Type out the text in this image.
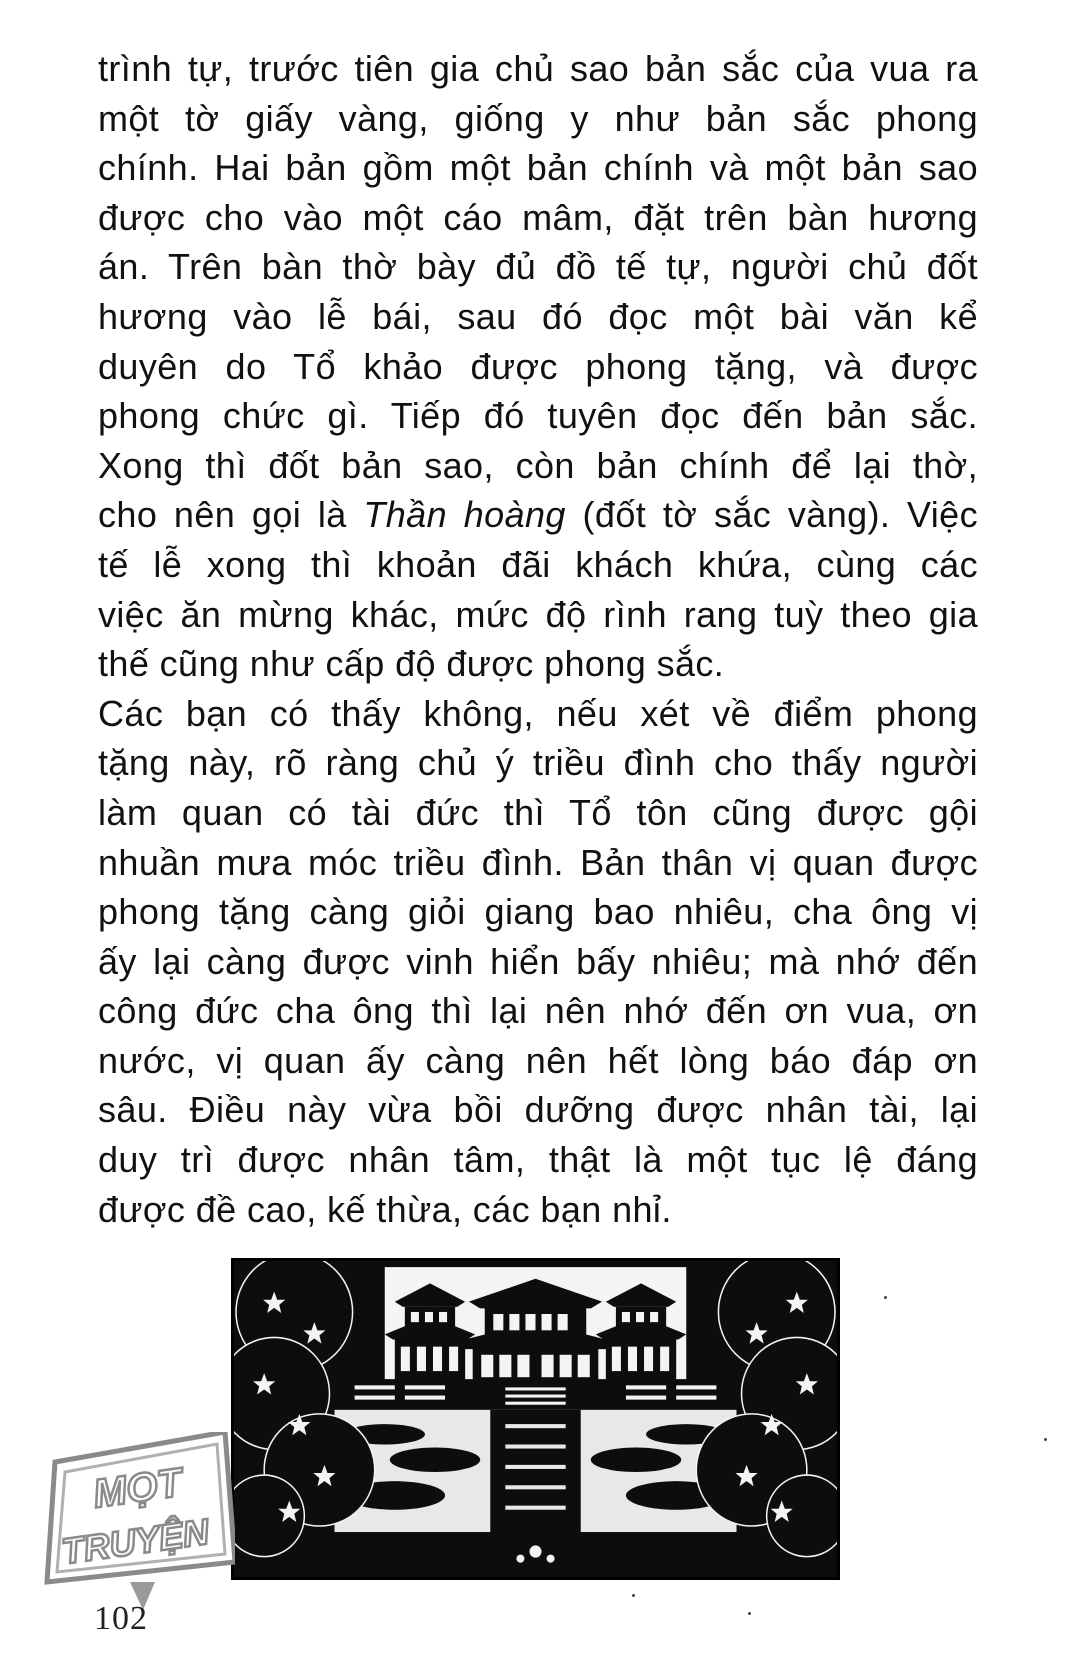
trình tự, trước tiên gia chủ sao bản sắc của vua ra
một tờ giấy vàng, giống y như bản sắc phong
chính. Hai bản gồm một bản chính và một bản sao
được cho vào một cáo mâm, đặt trên bàn hương
án. Trên bàn thờ bày đủ đồ tế tự, người chủ đốt
hương vào lễ bái, sau đó đọc một bài văn kể
duyên do Tổ khảo được phong tặng, và được
phong chức gì. Tiếp đó tuyên đọc đến bản sắc.
Xong thì đốt bản sao, còn bản chính để lại thờ,
cho nên gọi là Thần hoàng (đốt tờ sắc vàng). Việc
tế lễ xong thì khoản đãi khách khứa, cùng các
việc ăn mừng khác, mức độ rình rang tuỳ theo gia
thế cũng như cấp độ được phong sắc.
Các bạn có thấy không, nếu xét về điểm phong
tặng này, rõ ràng chủ ý triều đình cho thấy người
làm quan có tài đức thì Tổ tôn cũng được gội
nhuần mưa móc triều đình. Bản thân vị quan được
phong tặng càng giỏi giang bao nhiêu, cha ông vị
ấy lại càng được vinh hiển bấy nhiêu; mà nhớ đến
công đức cha ông thì lại nên nhớ đến ơn vua, ơn
nước, vị quan ấy càng nên hết lòng báo đáp ơn
sâu. Điều này vừa bồi dưỡng được nhân tài, lại
duy trì được nhân tâm, thật là một tục lệ đáng
được đề cao, kế thừa, các bạn nhỉ.
MỌT
TRUYỆN
102
